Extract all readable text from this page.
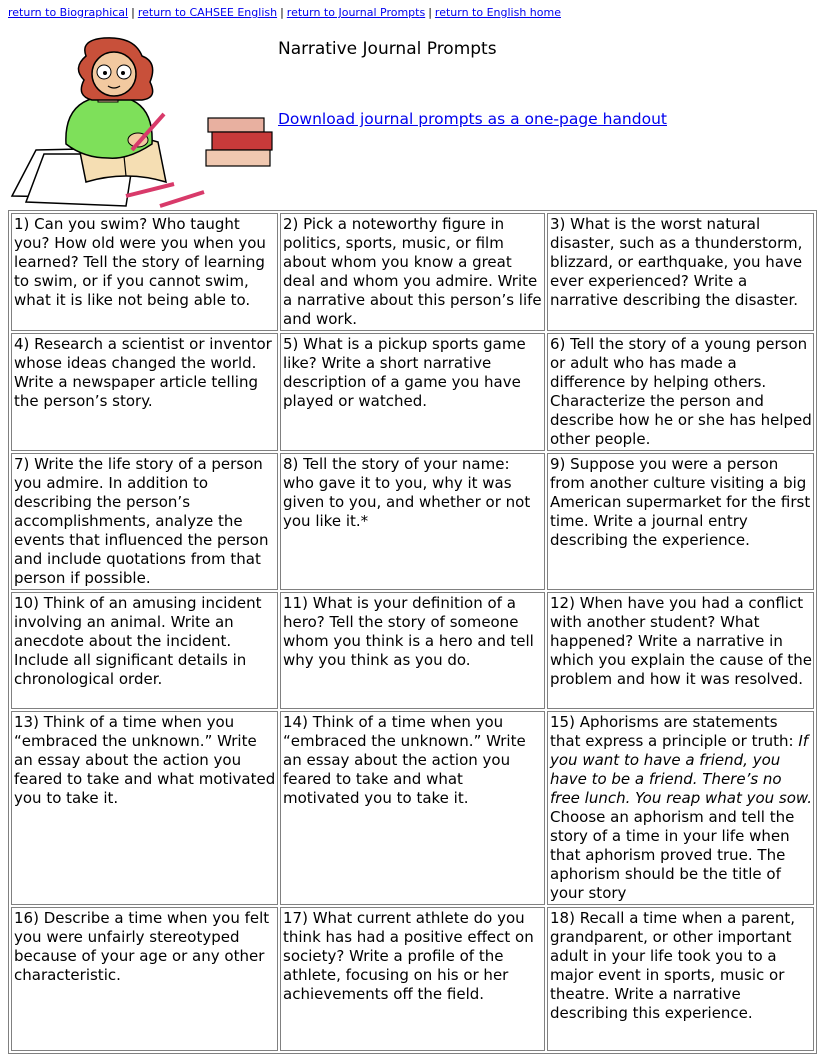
return to Biographical | return to CAHSEE English | return to Journal Prompts | return to English home
Narrative Journal Prompts
Download journal prompts as a one-page handout
1) Can you swim? Who taught you? How old were you when you learned? Tell the story of learning to swim, or if you cannot swim, what it is like not being able to.	2) Pick a noteworthy figure in politics, sports, music, or film about whom you know a great deal and whom you admire. Write a narrative about this person’s life and work.	3) What is the worst natural disaster, such as a thunderstorm, blizzard, or earthquake, you have ever experienced? Write a narrative describing the disaster.
4) Research a scientist or inventor whose ideas changed the world. Write a newspaper article telling the person’s story.	5) What is a pickup sports game like? Write a short narrative description of a game you have played or watched.	6) Tell the story of a young person or adult who has made a difference by helping others. Characterize the person and describe how he or she has helped other people.
7) Write the life story of a person you admire. In addition to describing the person’s accomplishments, analyze the events that influenced the person and include quotations from that person if possible.	8) Tell the story of your name: who gave it to you, why it was given to you, and whether or not you like it.*	9) Suppose you were a person from another culture visiting a big American supermarket for the first time. Write a journal entry describing the experience.
10) Think of an amusing incident involving an animal. Write an anecdote about the incident. Include all significant details in chronological order.	11) What is your definition of a hero? Tell the story of someone whom you think is a hero and tell why you think as you do.	12) When have you had a conflict with another student? What happened? Write a narrative in which you explain the cause of the problem and how it was resolved.
13) Think of a time when you “embraced the unknown.” Write an essay about the action you feared to take and what motivated you to take it.	14) Think of a time when you “embraced the unknown.” Write an essay about the action you feared to take and what motivated you to take it.	15) Aphorisms are statements that express a principle or truth: If you want to have a friend, you have to be a friend. There’s no free lunch. You reap what you sow. Choose an aphorism and tell the story of a time in your life when that aphorism proved true. The aphorism should be the title of your story
16) Describe a time when you felt you were unfairly stereotyped because of your age or any other characteristic.	17) What current athlete do you think has had a positive effect on society? Write a profile of the athlete, focusing on his or her achievements off the field.	18) Recall a time when a parent, grandparent, or other important adult in your life took you to a major event in sports, music or theatre. Write a narrative describing this experience.
